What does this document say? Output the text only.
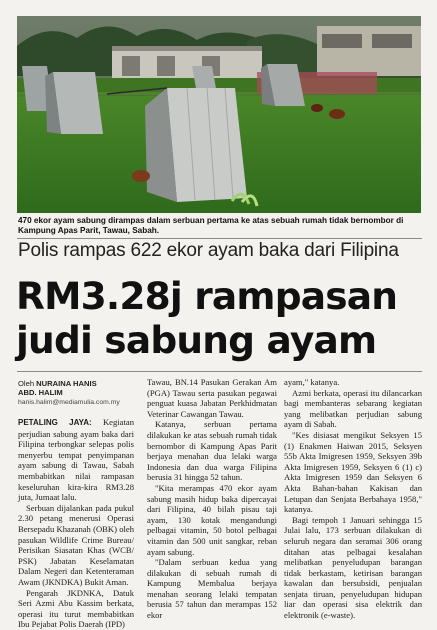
470 ekor ayam sabung dirampas dalam serbuan pertama ke atas sebuah rumah tidak bernombor di Kampung Apas Parit, Tawau, Sabah.
Polis rampas 622 ekor ayam baka dari Filipina
RM3.28j rampasan
judi sabung ayam
Oleh NURAINA HANIS
ABD. HALIM
hanis.halim@mediamulia.com.my

PETALING JAYA: Kegiatan perjudian sabung ayam baka dari Filipina terbongkar selepas polis menyerbu tempat penyimpanan ayam sabung di Tawau, Sabah membabitkan nilai rampasan keseluruhan kira-kira RM3.28 juta, Jumaat lalu.

Serbuan dijalankan pada pukul 2.30 petang menerusi Operasi Bersepadu Khazanah (OBK) oleh pasukan Wildlife Crime Bureau/ Perisikan Siasatan Khas (WCB/ PSK) Jabatan Keselamatan Dalam Negeri dan Ketenteraman Awam (JKNDKA) Bukit Aman.

Pengarah JKDNKA, Datuk Seri Azmi Abu Kassim berkata, operasi itu turut membabitkan Ibu Pejabat Polis Daerah (IPD)

Tawau, BN.14 Pasukan Gerakan Am (PGA) Tawau serta pasukan pegawai penguat kuasa Jabatan Perkhidmatan Veterinar Cawangan Tawau.

Katanya, serbuan pertama dilakukan ke atas sebuah rumah tidak bernombor di Kampung Apas Parit berjaya menahan dua lelaki warga Indonesia dan dua warga Filipina berusia 31 hingga 52 tahun.

"Kita merampas 470 ekor ayam sabung masih hidup baka dipercayai dari Filipina, 40 bilah pisau taji ayam, 130 kotak mengandungi pelbagai vitamin, 50 botol pelbagai vitamin dan 500 unit sangkar, reban ayam sabung.

"Dalam serbuan kedua yang dilakukan di sebuah rumah di Kampung Membalua berjaya menahan seorang lelaki tempatan berusia 57 tahun dan merampas 152 ekor

ayam," katanya.

Azmi berkata, operasi itu dilancarkan bagi membanteras sebarang kegiatan yang melibatkan perjudian sabung ayam di Sabah.

"Kes disiasat mengikut Seksyen 15 (1) Enakmen Haiwan 2015, Seksyen 55b Akta Imigresen 1959, Seksyen 39b Akta Imigresen 1959, Seksyen 6 (1) c) Akta Imigresen 1959 dan Seksyen 6 Akta Bahan-bahan Kakisan dan Letupan dan Senjata Berbahaya 1958," katanya.

Bagi tempoh 1 Januari sehingga 15 Julai lalu, 173 serbuan dilakukan di seluruh negara dan seramai 306 orang ditahan atas pelbagai kesalahan melibatkan penyeludupan barangan tidak berkastam, ketirisan barangan kawalan dan bersubsidi, penjualan senjata tiruan, penyeludupan hidupan liar dan operasi sisa elektrik dan elektronik (e-waste).
